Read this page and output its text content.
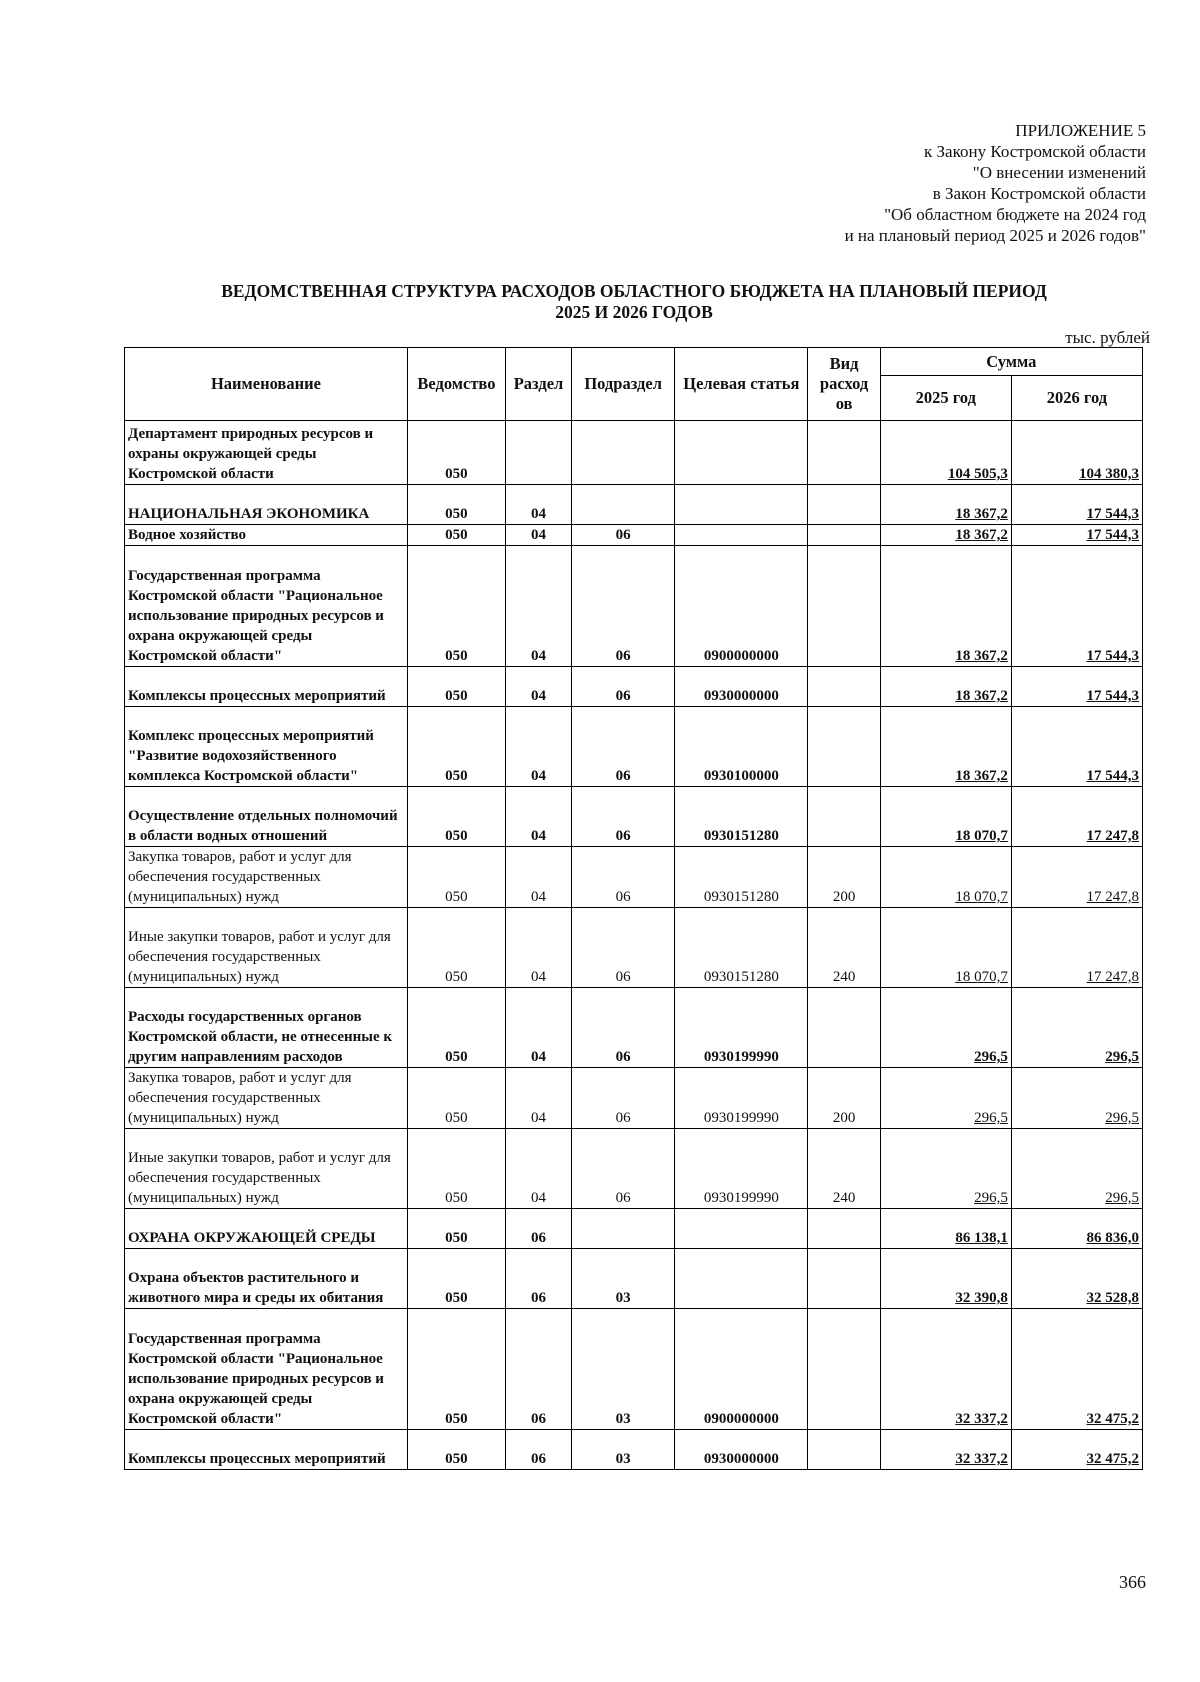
ПРИЛОЖЕНИЕ 5
к Закону Костромской области
"О внесении изменений
в Закон Костромской области
"Об областном бюджете на 2024 год
и на плановый период 2025 и 2026 годов"
ВЕДОМСТВЕННАЯ СТРУКТУРА РАСХОДОВ ОБЛАСТНОГО БЮДЖЕТА НА ПЛАНОВЫЙ ПЕРИОД
2025 И 2026 ГОДОВ
тыс. рублей
Наименование	Ведомство	Раздел	Подраздел	Целевая статья	Вид расход ов	Сумма	
						2025 год	2026 год
Департамент природных ресурсов и охраны окружающей среды Костромской области	050					104 505,3	104 380,3
НАЦИОНАЛЬНАЯ ЭКОНОМИКА	050	04				18 367,2	17 544,3
Водное хозяйство	050	04	06			18 367,2	17 544,3
Государственная программа Костромской области "Рациональное использование природных ресурсов и охрана окружающей среды Костромской области"	050	04	06	0900000000		18 367,2	17 544,3
Комплексы процессных мероприятий	050	04	06	0930000000		18 367,2	17 544,3
Комплекс процессных мероприятий "Развитие водохозяйственного комплекса Костромской области"	050	04	06	0930100000		18 367,2	17 544,3
Осуществление отдельных полномочий в области водных отношений	050	04	06	0930151280		18 070,7	17 247,8
Закупка товаров, работ и услуг для обеспечения государственных (муниципальных) нужд	050	04	06	0930151280	200	18 070,7	17 247,8
Иные закупки товаров, работ и услуг для обеспечения государственных (муниципальных) нужд	050	04	06	0930151280	240	18 070,7	17 247,8
Расходы государственных органов Костромской области, не отнесенные к другим направлениям расходов	050	04	06	0930199990		296,5	296,5
Закупка товаров, работ и услуг для обеспечения государственных (муниципальных) нужд	050	04	06	0930199990	200	296,5	296,5
Иные закупки товаров, работ и услуг для обеспечения государственных (муниципальных) нужд	050	04	06	0930199990	240	296,5	296,5
ОХРАНА ОКРУЖАЮЩЕЙ СРЕДЫ	050	06				86 138,1	86 836,0
Охрана объектов растительного и животного мира и среды их обитания	050	06	03			32 390,8	32 528,8
Государственная программа Костромской области "Рациональное использование природных ресурсов и охрана окружающей среды Костромской области"	050	06	03	0900000000		32 337,2	32 475,2
Комплексы процессных мероприятий	050	06	03	0930000000		32 337,2	32 475,2
366
